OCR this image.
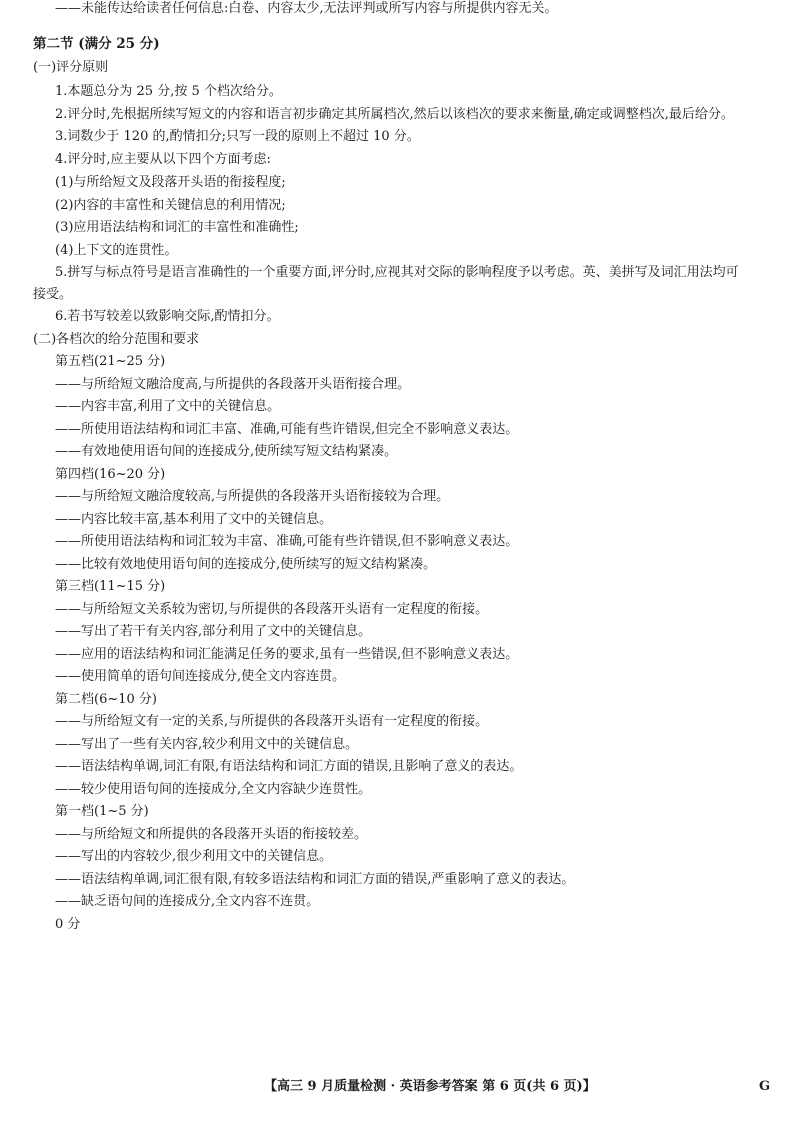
第二节 (满分 25 分)
(一)评分原则
1.本题总分为 25 分,按 5 个档次给分。
2.评分时,先根据所续写短文的内容和语言初步确定其所属档次,然后以该档次的要求来衡量,确定或调整档次,最后给分。
3.词数少于 120 的,酌情扣分;只写一段的原则上不超过 10 分。
4.评分时,应主要从以下四个方面考虑:
(1)与所给短文及段落开头语的衔接程度;
(2)内容的丰富性和关键信息的利用情况;
(3)应用语法结构和词汇的丰富性和准确性;
(4)上下文的连贯性。
5.拼写与标点符号是语言准确性的一个重要方面,评分时,应视其对交际的影响程度予以考虑。英、美拼写及词汇用法均可
接受。
6.若书写较差以致影响交际,酌情扣分。
(二)各档次的给分范围和要求
第五档(21~25 分)
——与所给短文融洽度高,与所提供的各段落开头语衔接合理。
——内容丰富,利用了文中的关键信息。
——所使用语法结构和词汇丰富、准确,可能有些许错误,但完全不影响意义表达。
——有效地使用语句间的连接成分,使所续写短文结构紧凑。
第四档(16~20 分)
——与所给短文融洽度较高,与所提供的各段落开头语衔接较为合理。
——内容比较丰富,基本利用了文中的关键信息。
——所使用语法结构和词汇较为丰富、准确,可能有些许错误,但不影响意义表达。
——比较有效地使用语句间的连接成分,使所续写的短文结构紧凑。
第三档(11~15 分)
——与所给短文关系较为密切,与所提供的各段落开头语有一定程度的衔接。
——写出了若干有关内容,部分利用了文中的关键信息。
——应用的语法结构和词汇能满足任务的要求,虽有一些错误,但不影响意义表达。
——使用简单的语句间连接成分,使全文内容连贯。
第二档(6~10 分)
——与所给短文有一定的关系,与所提供的各段落开头语有一定程度的衔接。
——写出了一些有关内容,较少利用文中的关键信息。
——语法结构单调,词汇有限,有语法结构和词汇方面的错误,且影响了意义的表达。
——较少使用语句间的连接成分,全文内容缺少连贯性。
第一档(1~5 分)
——与所给短文和所提供的各段落开头语的衔接较差。
——写出的内容较少,很少利用文中的关键信息。
——语法结构单调,词汇很有限,有较多语法结构和词汇方面的错误,严重影响了意义的表达。
——缺乏语句间的连接成分,全文内容不连贯。
0 分
——未能传达给读者任何信息:白卷、内容太少,无法评判或所写内容与所提供内容无关。
【高三 9 月质量检测 · 英语参考答案 第 6 页(共 6 页)】	G
